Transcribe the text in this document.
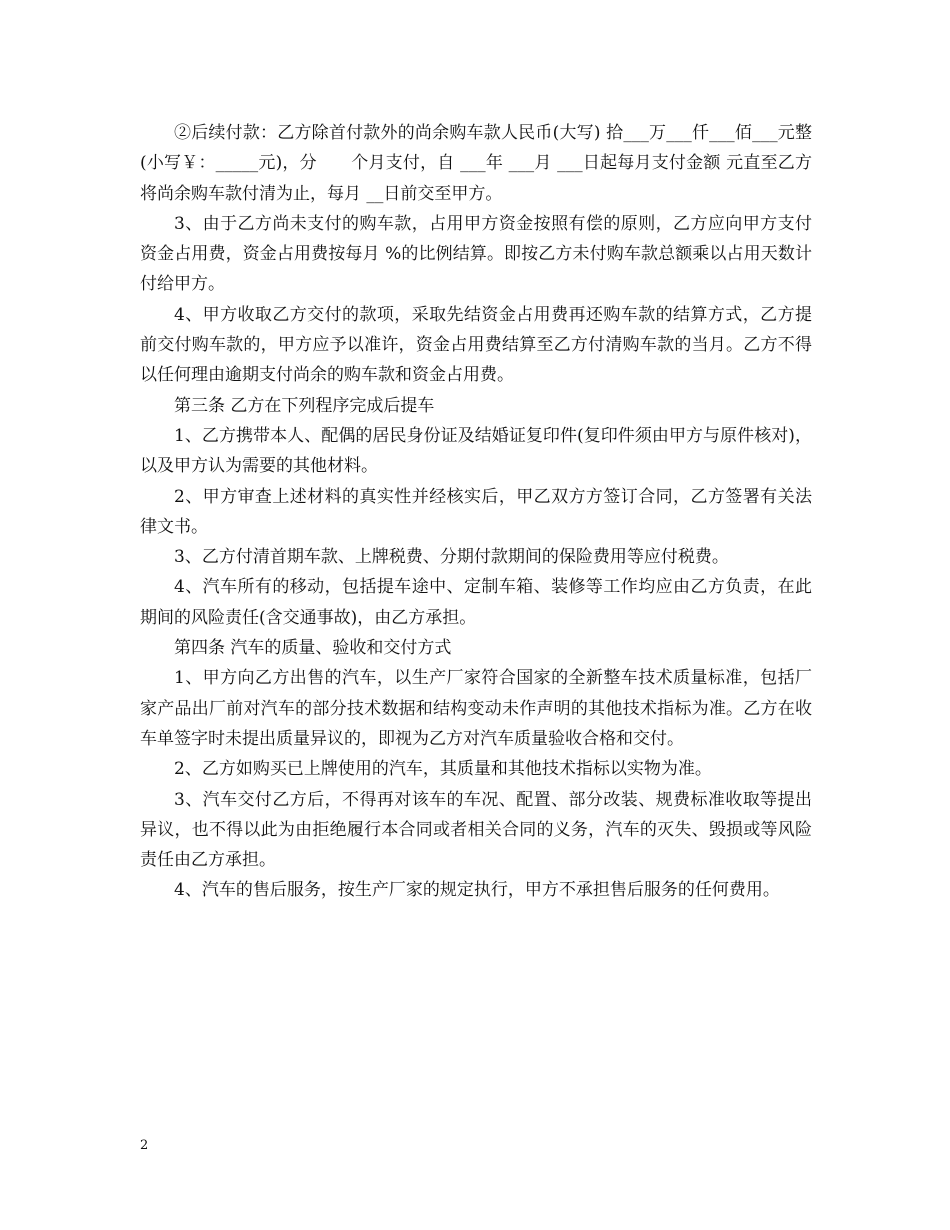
②后续付款：乙方除首付款外的尚余购车款人民币(大写) 拾___万___仟___佰___元整(小写￥：_____元)，分　　个月支付，自 ___年 ___月 ___日起每月支付金额 元直至乙方将尚余购车款付清为止，每月 __日前交至甲方。

3、由于乙方尚未支付的购车款，占用甲方资金按照有偿的原则，乙方应向甲方支付资金占用费，资金占用费按每月 %的比例结算。即按乙方未付购车款总额乘以占用天数计付给甲方。

4、甲方收取乙方交付的款项，采取先结资金占用费再还购车款的结算方式，乙方提前交付购车款的，甲方应予以准许，资金占用费结算至乙方付清购车款的当月。乙方不得以任何理由逾期支付尚余的购车款和资金占用费。

第三条 乙方在下列程序完成后提车

1、乙方携带本人、配偶的居民身份证及结婚证复印件(复印件须由甲方与原件核对)，以及甲方认为需要的其他材料。

2、甲方审查上述材料的真实性并经核实后，甲乙双方方签订合同，乙方签署有关法律文书。

3、乙方付清首期车款、上牌税费、分期付款期间的保险费用等应付税费。

4、汽车所有的移动，包括提车途中、定制车箱、装修等工作均应由乙方负责，在此期间的风险责任(含交通事故)，由乙方承担。

第四条 汽车的质量、验收和交付方式

1、甲方向乙方出售的汽车，以生产厂家符合国家的全新整车技术质量标准，包括厂家产品出厂前对汽车的部分技术数据和结构变动未作声明的其他技术指标为准。乙方在收车单签字时未提出质量异议的，即视为乙方对汽车质量验收合格和交付。

2、乙方如购买已上牌使用的汽车，其质量和其他技术指标以实物为准。

3、汽车交付乙方后，不得再对该车的车况、配置、部分改装、规费标准收取等提出异议，也不得以此为由拒绝履行本合同或者相关合同的义务，汽车的灭失、毁损或等风险责任由乙方承担。

4、汽车的售后服务，按生产厂家的规定执行，甲方不承担售后服务的任何费用。

2
